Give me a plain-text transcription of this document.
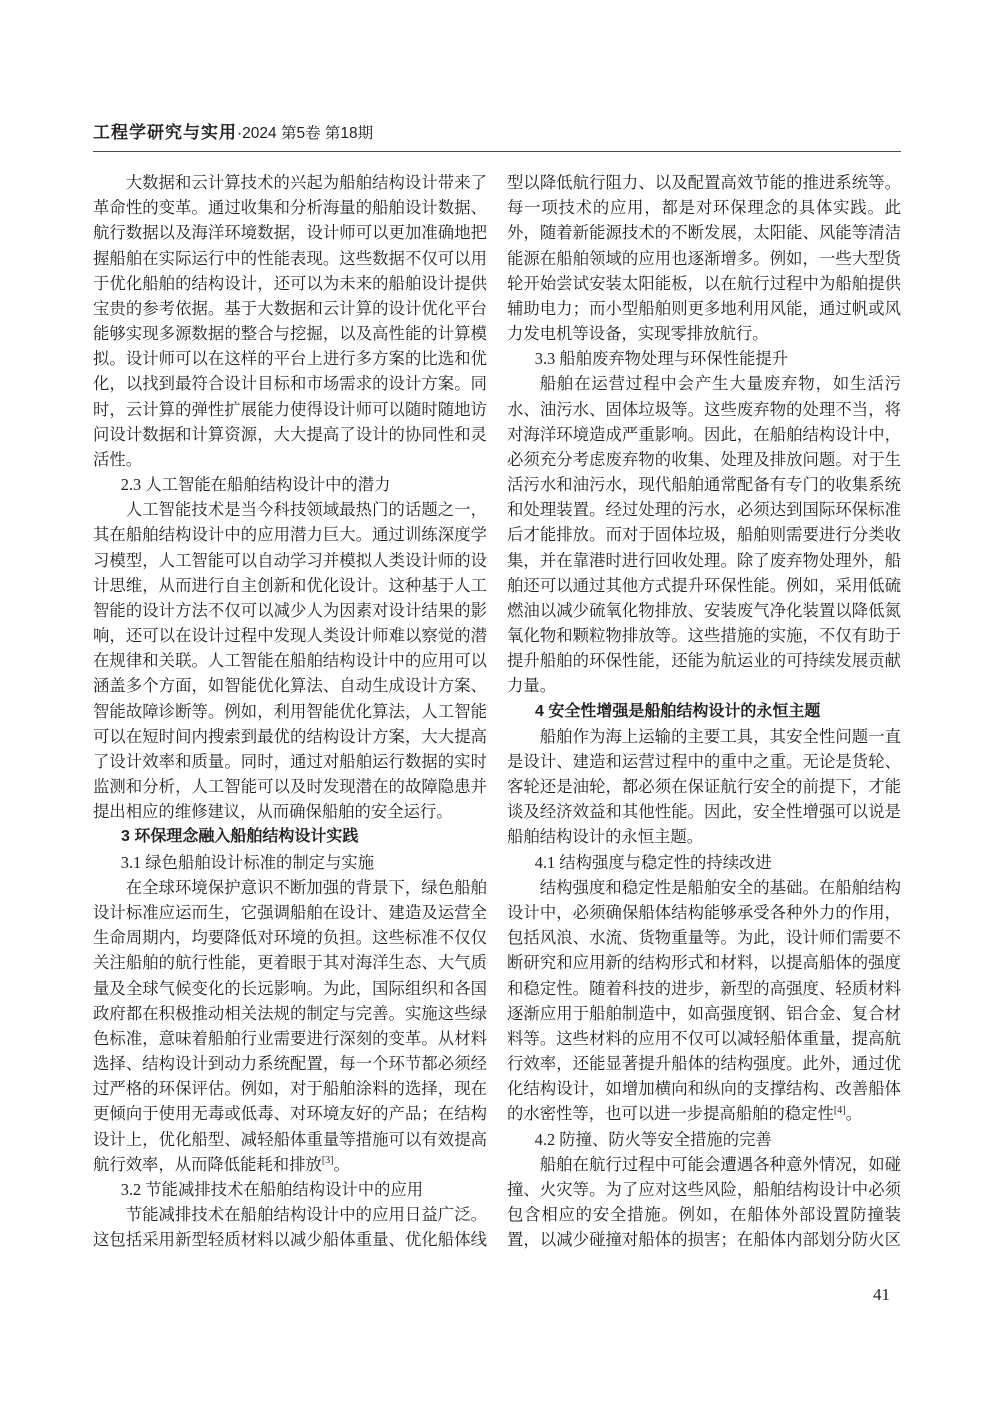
工程学研究与实用·2024 第5卷 第18期

大数据和云计算技术的兴起为船舶结构设计带来了革命性的变革。通过收集和分析海量的船舶设计数据、航行数据以及海洋环境数据，设计师可以更加准确地把握船舶在实际运行中的性能表现。这些数据不仅可以用于优化船舶的结构设计，还可以为未来的船舶设计提供宝贵的参考依据。基于大数据和云计算的设计优化平台能够实现多源数据的整合与挖掘，以及高性能的计算模拟。设计师可以在这样的平台上进行多方案的比选和优化，以找到最符合设计目标和市场需求的设计方案。同时，云计算的弹性扩展能力使得设计师可以随时随地访问设计数据和计算资源，大大提高了设计的协同性和灵活性。

2.3 人工智能在船舶结构设计中的潜力

人工智能技术是当今科技领域最热门的话题之一，其在船舶结构设计中的应用潜力巨大。通过训练深度学习模型，人工智能可以自动学习并模拟人类设计师的设计思维，从而进行自主创新和优化设计。这种基于人工智能的设计方法不仅可以减少人为因素对设计结果的影响，还可以在设计过程中发现人类设计师难以察觉的潜在规律和关联。人工智能在船舶结构设计中的应用可以涵盖多个方面，如智能优化算法、自动生成设计方案、智能故障诊断等。例如，利用智能优化算法，人工智能可以在短时间内搜索到最优的结构设计方案，大大提高了设计效率和质量。同时，通过对船舶运行数据的实时监测和分析，人工智能可以及时发现潜在的故障隐患并提出相应的维修建议，从而确保船舶的安全运行。

3 环保理念融入船舶结构设计实践
3.1 绿色船舶设计标准的制定与实施

在全球环境保护意识不断加强的背景下，绿色船舶设计标准应运而生，它强调船舶在设计、建造及运营全生命周期内，均要降低对环境的负担。这些标准不仅仅关注船舶的航行性能，更着眼于其对海洋生态、大气质量及全球气候变化的长远影响。为此，国际组织和各国政府都在积极推动相关法规的制定与完善。实施这些绿色标准，意味着船舶行业需要进行深刻的变革。从材料选择、结构设计到动力系统配置，每一个环节都必须经过严格的环保评估。例如，对于船舶涂料的选择，现在更倾向于使用无毒或低毒、对环境友好的产品；在结构设计上，优化船型、减轻船体重量等措施可以有效提高航行效率，从而降低能耗和排放[3]。

3.2 节能减排技术在船舶结构设计中的应用

节能减排技术在船舶结构设计中的应用日益广泛。这包括采用新型轻质材料以减少船体重量、优化船体线

型以降低航行阻力、以及配置高效节能的推进系统等。每一项技术的应用，都是对环保理念的具体实践。此外，随着新能源技术的不断发展，太阳能、风能等清洁能源在船舶领域的应用也逐渐增多。例如，一些大型货轮开始尝试安装太阳能板，以在航行过程中为船舶提供辅助电力；而小型船舶则更多地利用风能，通过帆或风力发电机等设备，实现零排放航行。

3.3 船舶废弃物处理与环保性能提升

船舶在运营过程中会产生大量废弃物，如生活污水、油污水、固体垃圾等。这些废弃物的处理不当，将对海洋环境造成严重影响。因此，在船舶结构设计中，必须充分考虑废弃物的收集、处理及排放问题。对于生活污水和油污水，现代船舶通常配备有专门的收集系统和处理装置。经过处理的污水，必须达到国际环保标准后才能排放。而对于固体垃圾，船舶则需要进行分类收集，并在靠港时进行回收处理。除了废弃物处理外，船舶还可以通过其他方式提升环保性能。例如，采用低硫燃油以减少硫氧化物排放、安装废气净化装置以降低氮氧化物和颗粒物排放等。这些措施的实施，不仅有助于提升船舶的环保性能，还能为航运业的可持续发展贡献力量。

4 安全性增强是船舶结构设计的永恒主题

船舶作为海上运输的主要工具，其安全性问题一直是设计、建造和运营过程中的重中之重。无论是货轮、客轮还是油轮，都必须在保证航行安全的前提下，才能谈及经济效益和其他性能。因此，安全性增强可以说是船舶结构设计的永恒主题。

4.1 结构强度与稳定性的持续改进

结构强度和稳定性是船舶安全的基础。在船舶结构设计中，必须确保船体结构能够承受各种外力的作用，包括风浪、水流、货物重量等。为此，设计师们需要不断研究和应用新的结构形式和材料，以提高船体的强度和稳定性。随着科技的进步，新型的高强度、轻质材料逐渐应用于船舶制造中，如高强度钢、铝合金、复合材料等。这些材料的应用不仅可以减轻船体重量，提高航行效率，还能显著提升船体的结构强度。此外，通过优化结构设计，如增加横向和纵向的支撑结构、改善船体的水密性等，也可以进一步提高船舶的稳定性[4]。

4.2 防撞、防火等安全措施的完善

船舶在航行过程中可能会遭遇各种意外情况，如碰撞、火灾等。为了应对这些风险，船舶结构设计中必须包含相应的安全措施。例如，在船体外部设置防撞装置，以减少碰撞对船体的损害；在船体内部划分防火区

41
